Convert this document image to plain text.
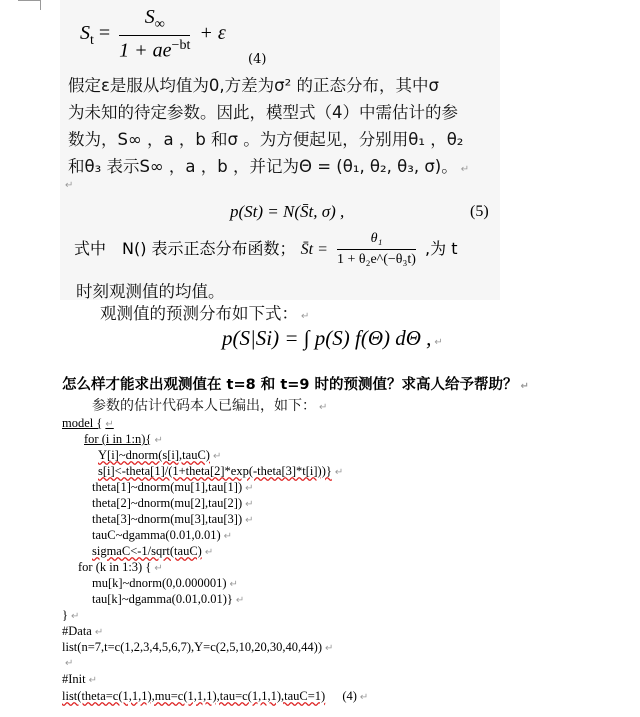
$S_t = \frac{S_\infty}{1 + ae^{-bt}} + \varepsilon$
(4)
假定ε是服从均值为0,方差为σ² 的正态分布，其中σ
为未知的待定参数。因此，模型式（4）中需估计的参
数为，S∞ ，a ，b 和σ 。为方便起见，分别用θ₁ ，θ₂
和θ₃ 表示S∞ ，a ，b ，并记为Θ = (θ₁, θ₂, θ₃, σ)。 ↵
↵
p(St) = N(S̄t, σ) ,	(5)
式中　N() 表示正态分布函数； S̄t = $\frac{\text{θ₁}}{\text{1 + θ₂e\textasciicircum{}(−θ₃t)}}$ ,为 t
时刻观测值的均值。
观测值的预测分布如下式： ↵
p(S|Si) = ∫ p(S) f(Θ) dΘ , ↵
怎么样才能求出观测值在 t=8 和 t=9 时的预测值？求高人给予帮助？ ↵
参数的估计代码本人已编出，如下： ↵
model { ↵
for (i in 1:n){ ↵
Y[i]~dnorm(s[i],tauC) ↵
s[i]<-theta[1]/(1+theta[2]*exp(-theta[3]*t[i]))} ↵
theta[1]~dnorm(mu[1],tau[1]) ↵
theta[2]~dnorm(mu[2],tau[2]) ↵
theta[3]~dnorm(mu[3],tau[3]) ↵
tauC~dgamma(0.01,0.01) ↵
sigmaC<-1/sqrt(tauC) ↵
for (k in 1:3) { ↵
mu[k]~dnorm(0,0.000001) ↵
tau[k]~dgamma(0.01,0.01)} ↵
} ↵
#Data ↵
list(n=7,t=c(1,2,3,4,5,6,7),Y=c(2,5,10,20,30,40,44)) ↵
↵
#Init ↵
list(theta=c(1,1,1),mu=c(1,1,1),tau=c(1,1,1),tauC=1) (4) ↵
